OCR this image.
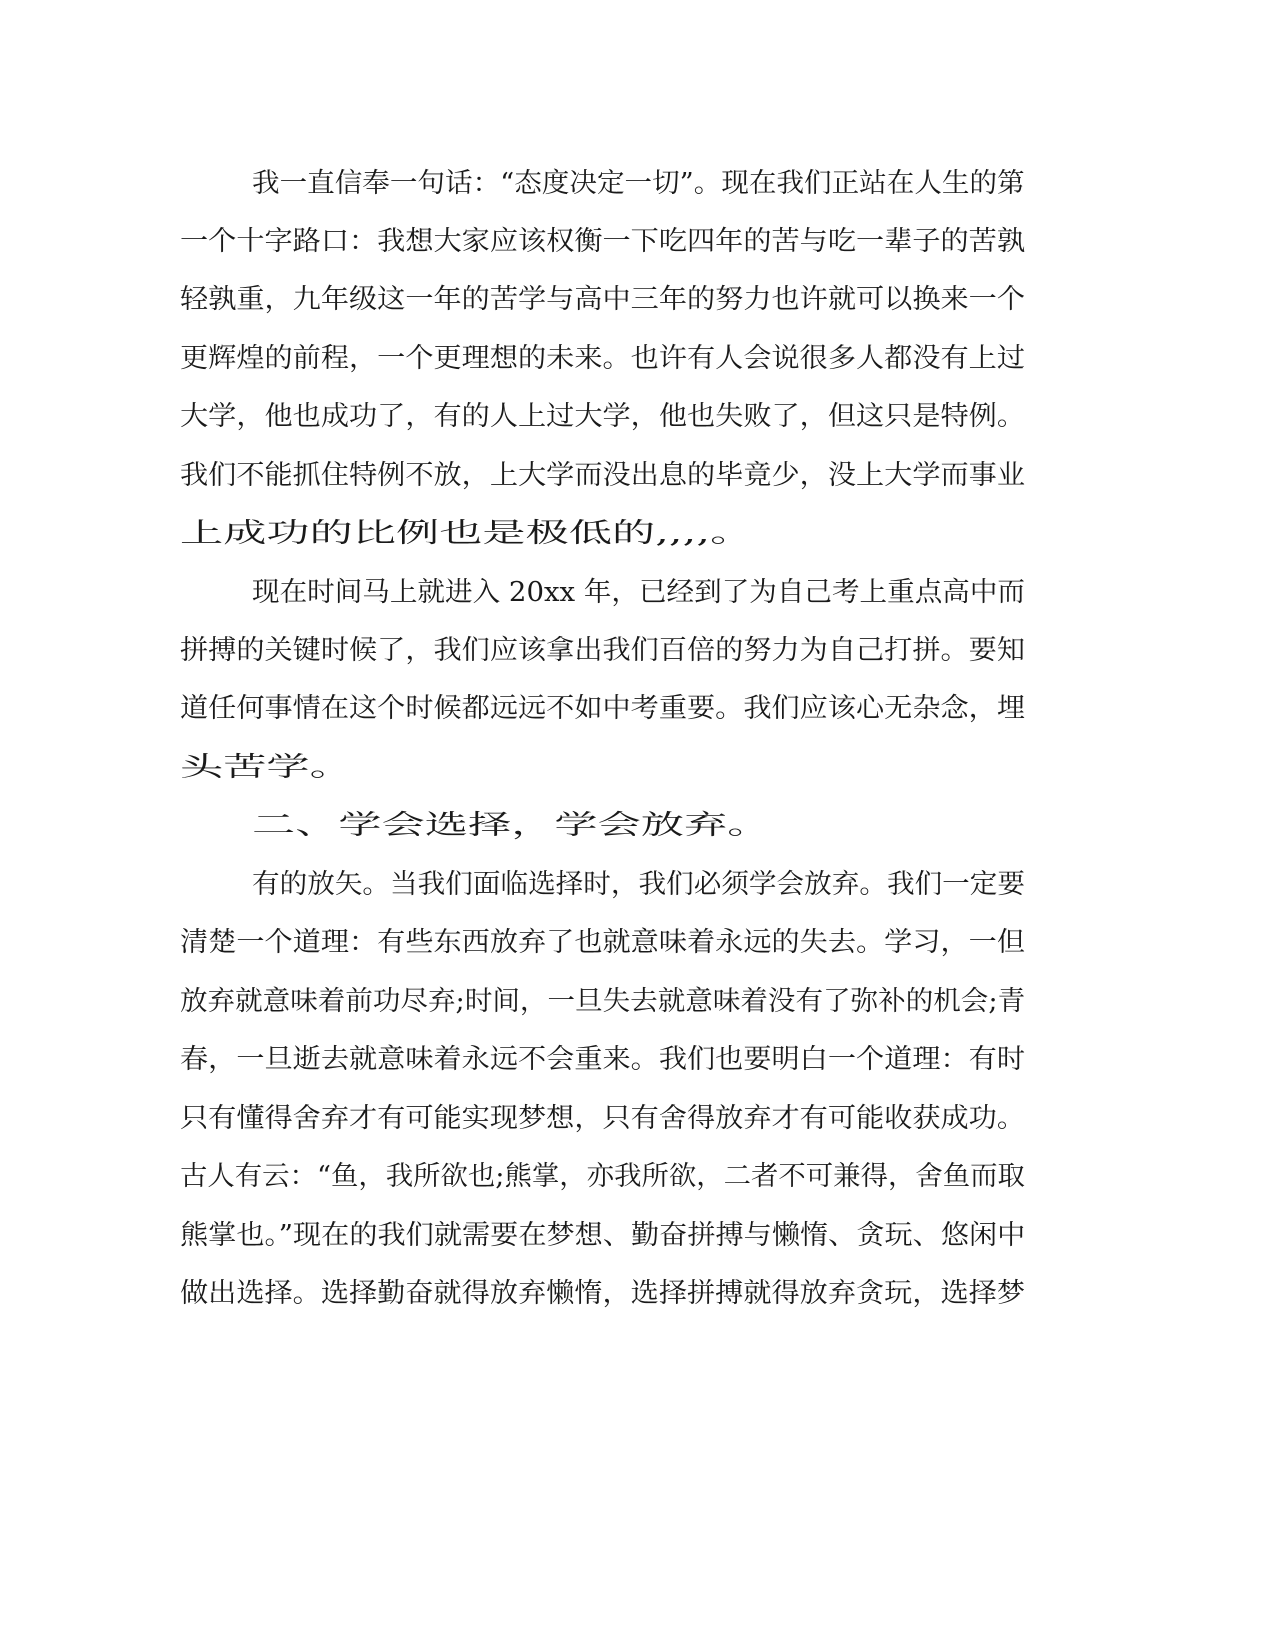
我一直信奉一句话：“态度决定一切”。现在我们正站在人生的第

一个十字路口：我想大家应该权衡一下吃四年的苦与吃一辈子的苦孰

轻孰重，九年级这一年的苦学与高中三年的努力也许就可以换来一个

更辉煌的前程，一个更理想的未来。也许有人会说很多人都没有上过

大学，他也成功了，有的人上过大学，他也失败了，但这只是特例。

我们不能抓住特例不放，上大学而没出息的毕竟少，没上大学而事业

上成功的比例也是极低的,,,,。

现在时间马上就进入 20xx 年，已经到了为自己考上重点高中而

拼搏的关键时候了，我们应该拿出我们百倍的努力为自己打拼。要知

道任何事情在这个时候都远远不如中考重要。我们应该心无杂念，埋

头苦学。

二、学会选择，学会放弃。

有的放矢。当我们面临选择时，我们必须学会放弃。我们一定要

清楚一个道理：有些东西放弃了也就意味着永远的失去。学习，一但

放弃就意味着前功尽弃;时间，一旦失去就意味着没有了弥补的机会;青

春，一旦逝去就意味着永远不会重来。我们也要明白一个道理：有时

只有懂得舍弃才有可能实现梦想，只有舍得放弃才有可能收获成功。

古人有云：“鱼，我所欲也;熊掌，亦我所欲，二者不可兼得，舍鱼而取

熊掌也。”现在的我们就需要在梦想、勤奋拼搏与懒惰、贪玩、悠闲中

做出选择。选择勤奋就得放弃懒惰，选择拼搏就得放弃贪玩，选择梦
